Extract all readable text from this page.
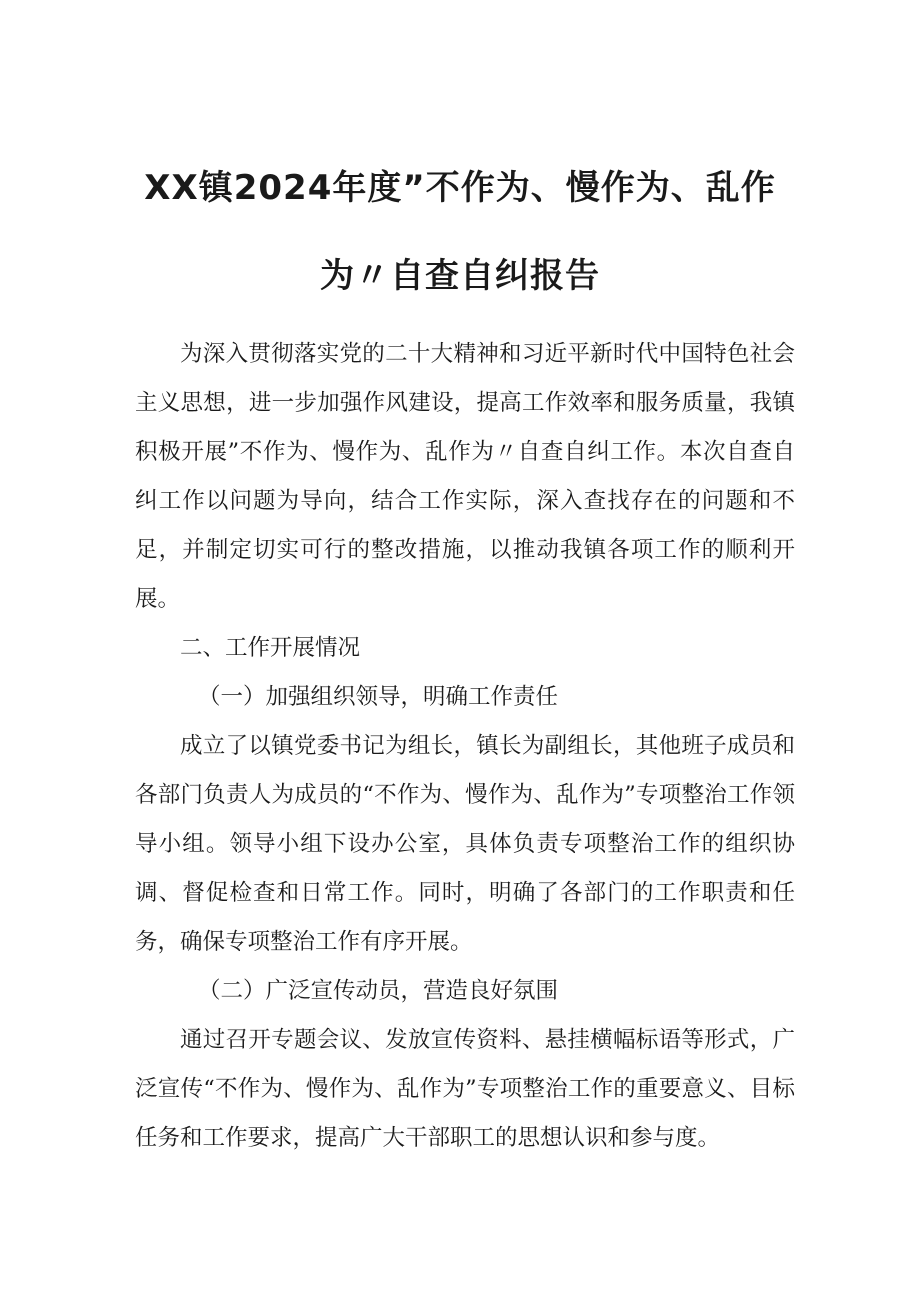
XX镇2024年度”不作为、慢作为、乱作
为〃自查自纠报告

为深入贯彻落实党的二十大精神和习近平新时代中国特色社会主义思想，进一步加强作风建设，提高工作效率和服务质量，我镇积极开展”不作为、慢作为、乱作为〃自查自纠工作。本次自查自纠工作以问题为导向，结合工作实际，深入查找存在的问题和不足，并制定切实可行的整改措施，以推动我镇各项工作的顺利开展。

二、工作开展情况

（一）加强组织领导，明确工作责任

成立了以镇党委书记为组长，镇长为副组长，其他班子成员和各部门负责人为成员的“不作为、慢作为、乱作为”专项整治工作领导小组。领导小组下设办公室，具体负责专项整治工作的组织协调、督促检查和日常工作。同时，明确了各部门的工作职责和任务，确保专项整治工作有序开展。

（二）广泛宣传动员，营造良好氛围

通过召开专题会议、发放宣传资料、悬挂横幅标语等形式，广泛宣传“不作为、慢作为、乱作为”专项整治工作的重要意义、目标任务和工作要求，提高广大干部职工的思想认识和参与度。
